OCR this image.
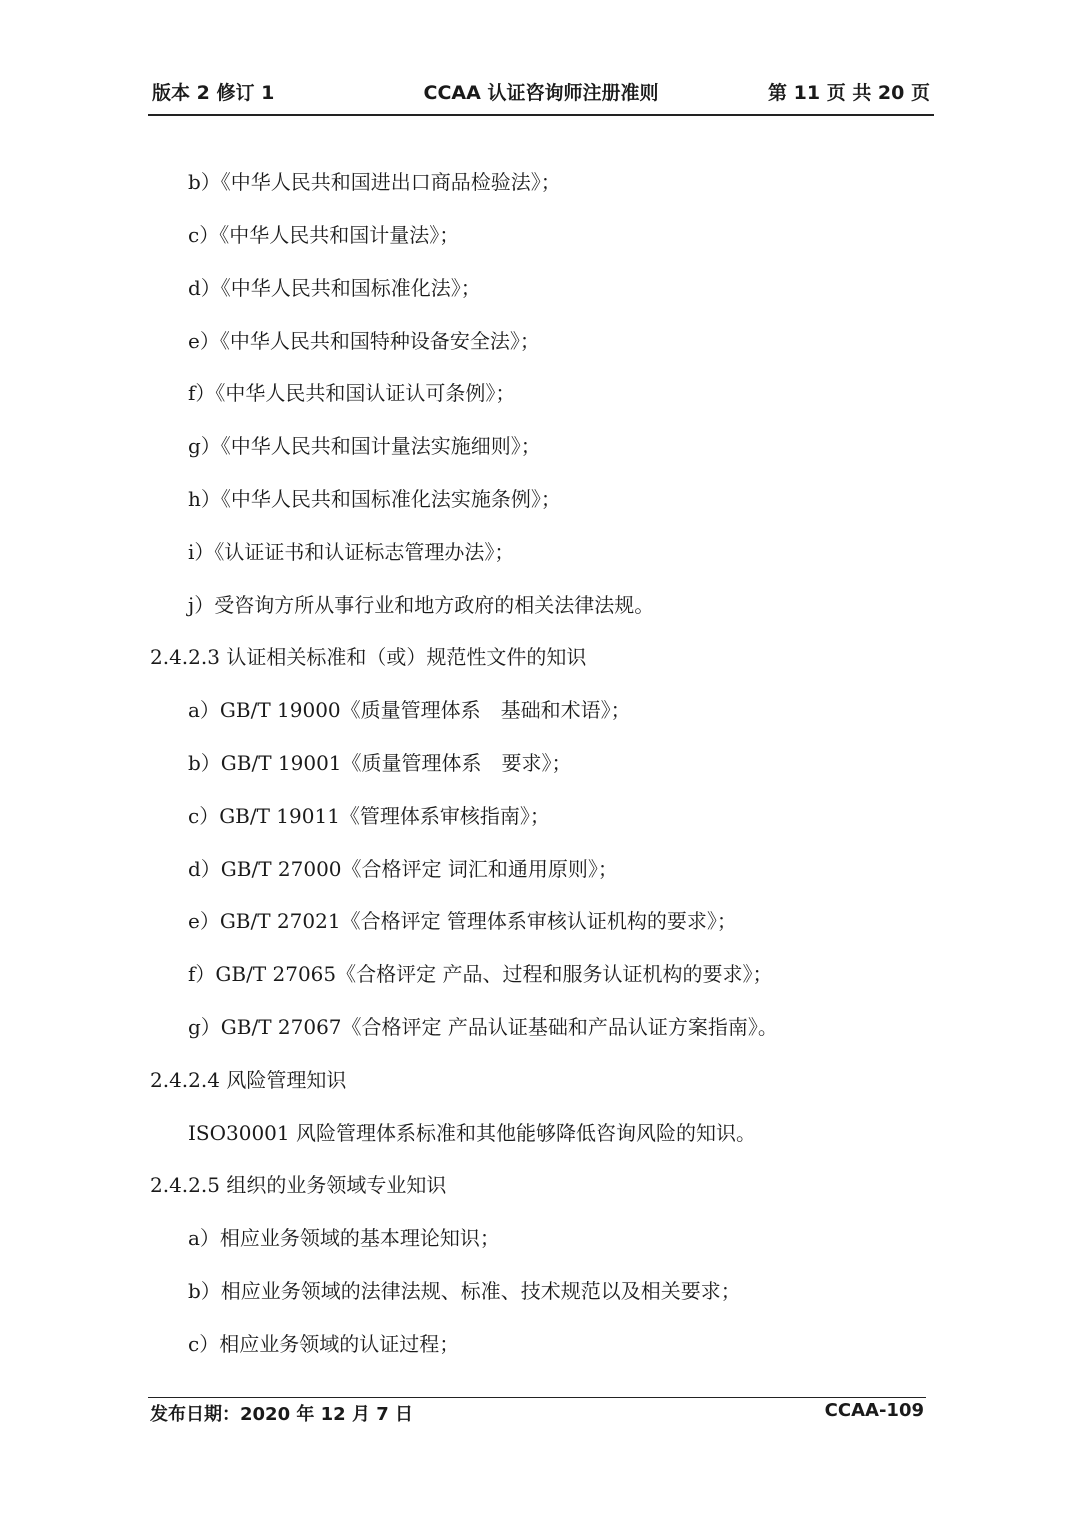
版本 2 修订 1	CCAA 认证咨询师注册准则	第 11 页 共 20 页
b）《中华人民共和国进出口商品检验法》；
c）《中华人民共和国计量法》；
d）《中华人民共和国标准化法》；
e）《中华人民共和国特种设备安全法》；
f）《中华人民共和国认证认可条例》；
g）《中华人民共和国计量法实施细则》；
h）《中华人民共和国标准化法实施条例》；
i）《认证证书和认证标志管理办法》；
j）受咨询方所从事行业和地方政府的相关法律法规。
2.4.2.3 认证相关标准和（或）规范性文件的知识
a）GB/T 19000《质量管理体系　基础和术语》；
b）GB/T 19001《质量管理体系　要求》；
c）GB/T 19011《管理体系审核指南》；
d）GB/T 27000《合格评定 词汇和通用原则》；
e）GB/T 27021《合格评定 管理体系审核认证机构的要求》；
f）GB/T 27065《合格评定 产品、过程和服务认证机构的要求》；
g）GB/T 27067《合格评定 产品认证基础和产品认证方案指南》。
2.4.2.4 风险管理知识
ISO30001 风险管理体系标准和其他能够降低咨询风险的知识。
2.4.2.5 组织的业务领域专业知识
a）相应业务领域的基本理论知识；
b）相应业务领域的法律法规、标准、技术规范以及相关要求；
c）相应业务领域的认证过程；
发布日期：2020 年 12 月 7 日	CCAA-109
